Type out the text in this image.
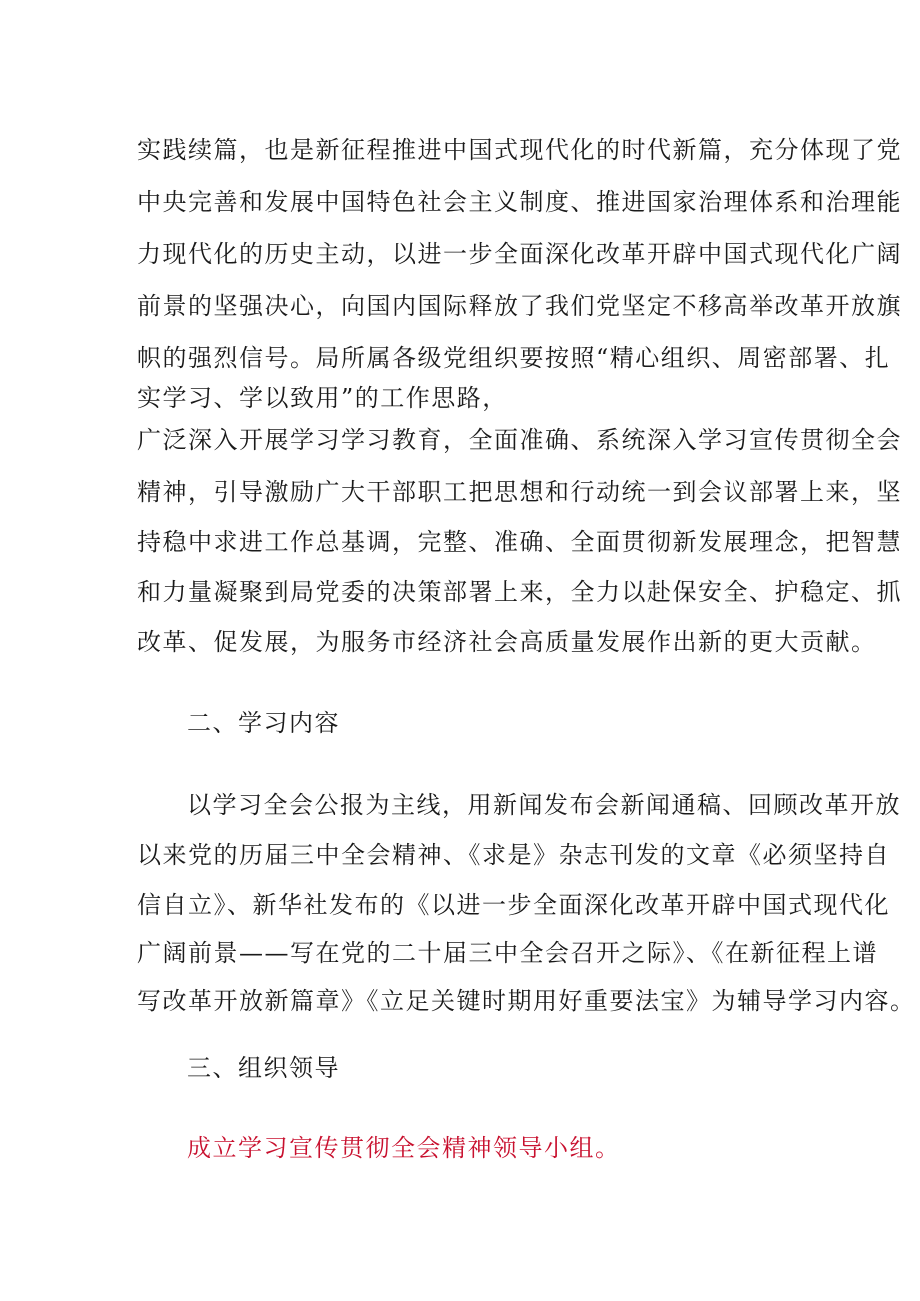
实践续篇，也是新征程推进中国式现代化的时代新篇，充分体现了党
中央完善和发展中国特色社会主义制度、推进国家治理体系和治理能
力现代化的历史主动，以进一步全面深化改革开辟中国式现代化广阔
前景的坚强决心，向国内国际释放了我们党坚定不移高举改革开放旗
帜的强烈信号。局所属各级党组织要按照“精心组织、周密部署、扎
实学习、学以致用”的工作思路，
广泛深入开展学习学习教育，全面准确、系统深入学习宣传贯彻全会
精神，引导激励广大干部职工把思想和行动统一到会议部署上来，坚
持稳中求进工作总基调，完整、准确、全面贯彻新发展理念，把智慧
和力量凝聚到局党委的决策部署上来，全力以赴保安全、护稳定、抓
改革、促发展，为服务市经济社会高质量发展作出新的更大贡献。
二、学习内容
以学习全会公报为主线，用新闻发布会新闻通稿、回顾改革开放
以来党的历届三中全会精神、《求是》杂志刊发的文章《必须坚持自
信自立》、新华社发布的《以进一步全面深化改革开辟中国式现代化
广阔前景——写在党的二十届三中全会召开之际》、《在新征程上谱
写改革开放新篇章》《立足关键时期用好重要法宝》为辅导学习内容。
三、组织领导
成立学习宣传贯彻全会精神领导小组。
